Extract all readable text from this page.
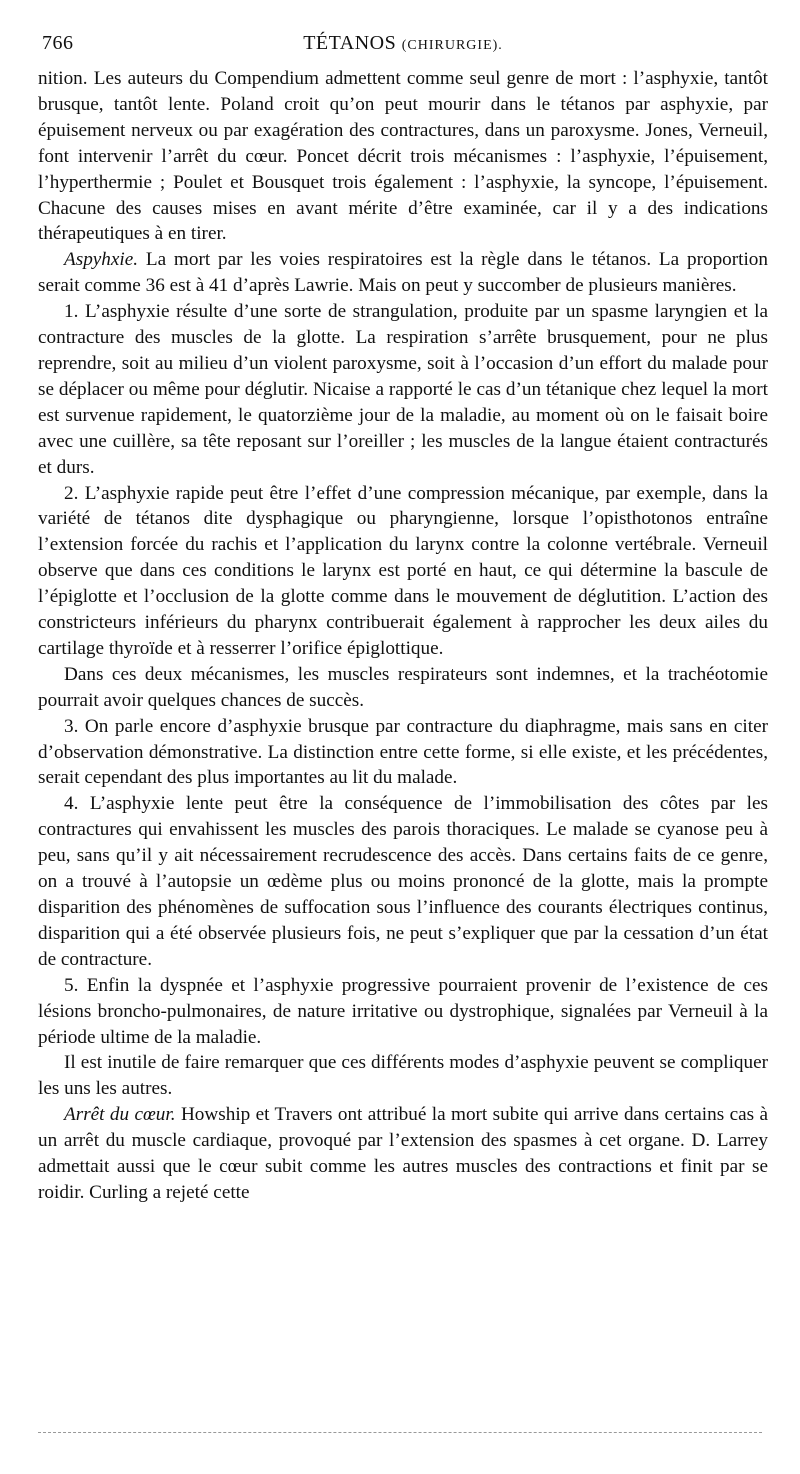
766	TÉTANOS (CHIRURGIE).

nition. Les auteurs du Compendium admettent comme seul genre de mort : l’asphyxie, tantôt brusque, tantôt lente. Poland croit qu’on peut mourir dans le tétanos par asphyxie, par épuisement nerveux ou par exagération des contractures, dans un paroxysme. Jones, Verneuil, font intervenir l’arrêt du cœur. Poncet décrit trois mécanismes : l’asphyxie, l’épuisement, l’hyperthermie ; Poulet et Bousquet trois également : l’asphyxie, la syncope, l’épuisement. Chacune des causes mises en avant mérite d’être examinée, car il y a des indications thérapeutiques à en tirer.

Aspyhxie. La mort par les voies respiratoires est la règle dans le tétanos. La proportion serait comme 36 est à 41 d’après Lawrie. Mais on peut y succomber de plusieurs manières.

1. L’asphyxie résulte d’une sorte de strangulation, produite par un spasme laryngien et la contracture des muscles de la glotte. La respiration s’arrête brusquement, pour ne plus reprendre, soit au milieu d’un violent paroxysme, soit à l’occasion d’un effort du malade pour se déplacer ou même pour déglutir. Nicaise a rapporté le cas d’un tétanique chez lequel la mort est survenue rapidement, le quatorzième jour de la maladie, au moment où on le faisait boire avec une cuillère, sa tête reposant sur l’oreiller ; les muscles de la langue étaient contracturés et durs.

2. L’asphyxie rapide peut être l’effet d’une compression mécanique, par exemple, dans la variété de tétanos dite dysphagique ou pharyngienne, lorsque l’opisthotonos entraîne l’extension forcée du rachis et l’application du larynx contre la colonne vertébrale. Verneuil observe que dans ces conditions le larynx est porté en haut, ce qui détermine la bascule de l’épiglotte et l’occlusion de la glotte comme dans le mouvement de déglutition. L’action des constricteurs inférieurs du pharynx contribuerait également à rapprocher les deux ailes du cartilage thyroïde et à resserrer l’orifice épiglottique.

Dans ces deux mécanismes, les muscles respirateurs sont indemnes, et la trachéotomie pourrait avoir quelques chances de succès.

3. On parle encore d’asphyxie brusque par contracture du diaphragme, mais sans en citer d’observation démonstrative. La distinction entre cette forme, si elle existe, et les précédentes, serait cependant des plus importantes au lit du malade.

4. L’asphyxie lente peut être la conséquence de l’immobilisation des côtes par les contractures qui envahissent les muscles des parois thoraciques. Le malade se cyanose peu à peu, sans qu’il y ait nécessairement recrudescence des accès. Dans certains faits de ce genre, on a trouvé à l’autopsie un œdème plus ou moins prononcé de la glotte, mais la prompte disparition des phénomènes de suffocation sous l’influence des courants électriques continus, disparition qui a été observée plusieurs fois, ne peut s’expliquer que par la cessation d’un état de contracture.

5. Enfin la dyspnée et l’asphyxie progressive pourraient provenir de l’existence de ces lésions broncho-pulmonaires, de nature irritative ou dystrophique, signalées par Verneuil à la période ultime de la maladie.

Il est inutile de faire remarquer que ces différents modes d’asphyxie peuvent se compliquer les uns les autres.

Arrêt du cœur. Howship et Travers ont attribué la mort subite qui arrive dans certains cas à un arrêt du muscle cardiaque, provoqué par l’extension des spasmes à cet organe. D. Larrey admettait aussi que le cœur subit comme les autres muscles des contractions et finit par se roidir. Curling a rejeté cette
